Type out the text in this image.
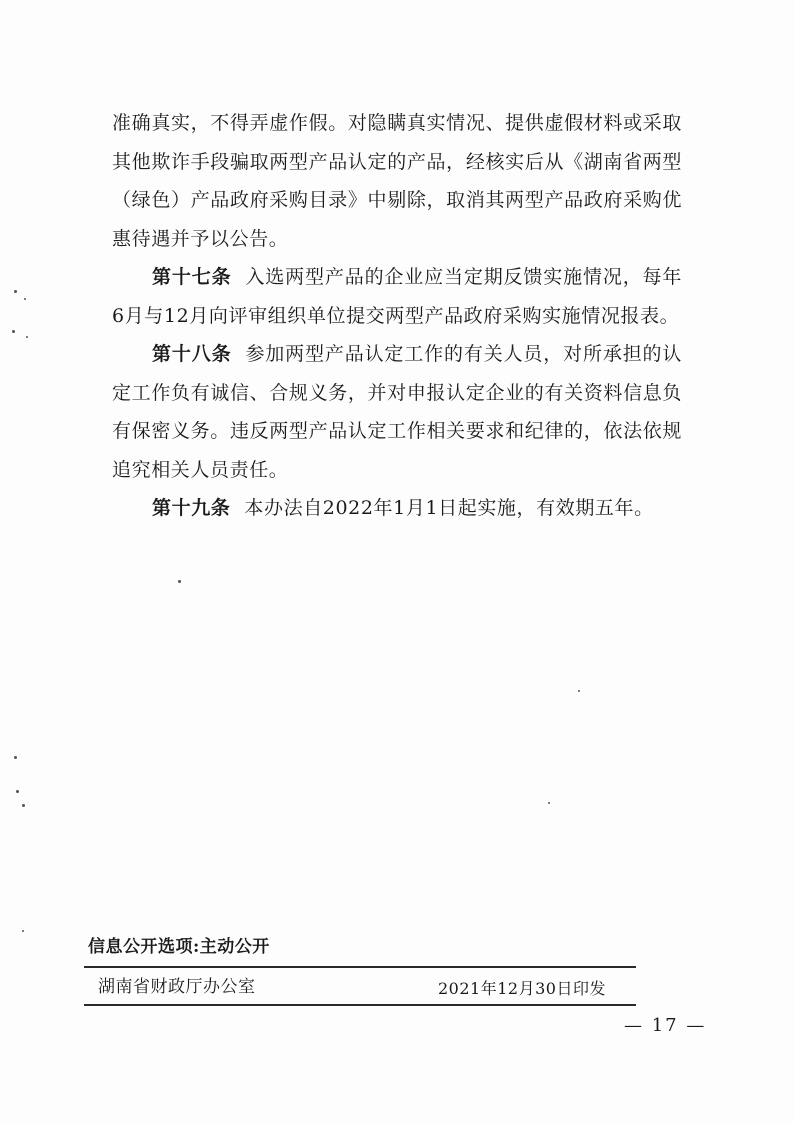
准确真实，不得弄虚作假。对隐瞒真实情况、提供虚假材料或采取其他欺诈手段骗取两型产品认定的产品，经核实后从《湖南省两型（绿色）产品政府采购目录》中剔除，取消其两型产品政府采购优惠待遇并予以公告。

第十七条 入选两型产品的企业应当定期反馈实施情况，每年6月与12月向评审组织单位提交两型产品政府采购实施情况报表。

第十八条 参加两型产品认定工作的有关人员，对所承担的认定工作负有诚信、合规义务，并对申报认定企业的有关资料信息负有保密义务。违反两型产品认定工作相关要求和纪律的，依法依规追究相关人员责任。

第十九条 本办法自2022年1月1日起实施，有效期五年。

信息公开选项:主动公开
湖南省财政厅办公室	2021年12月30日印发
— 17 —
